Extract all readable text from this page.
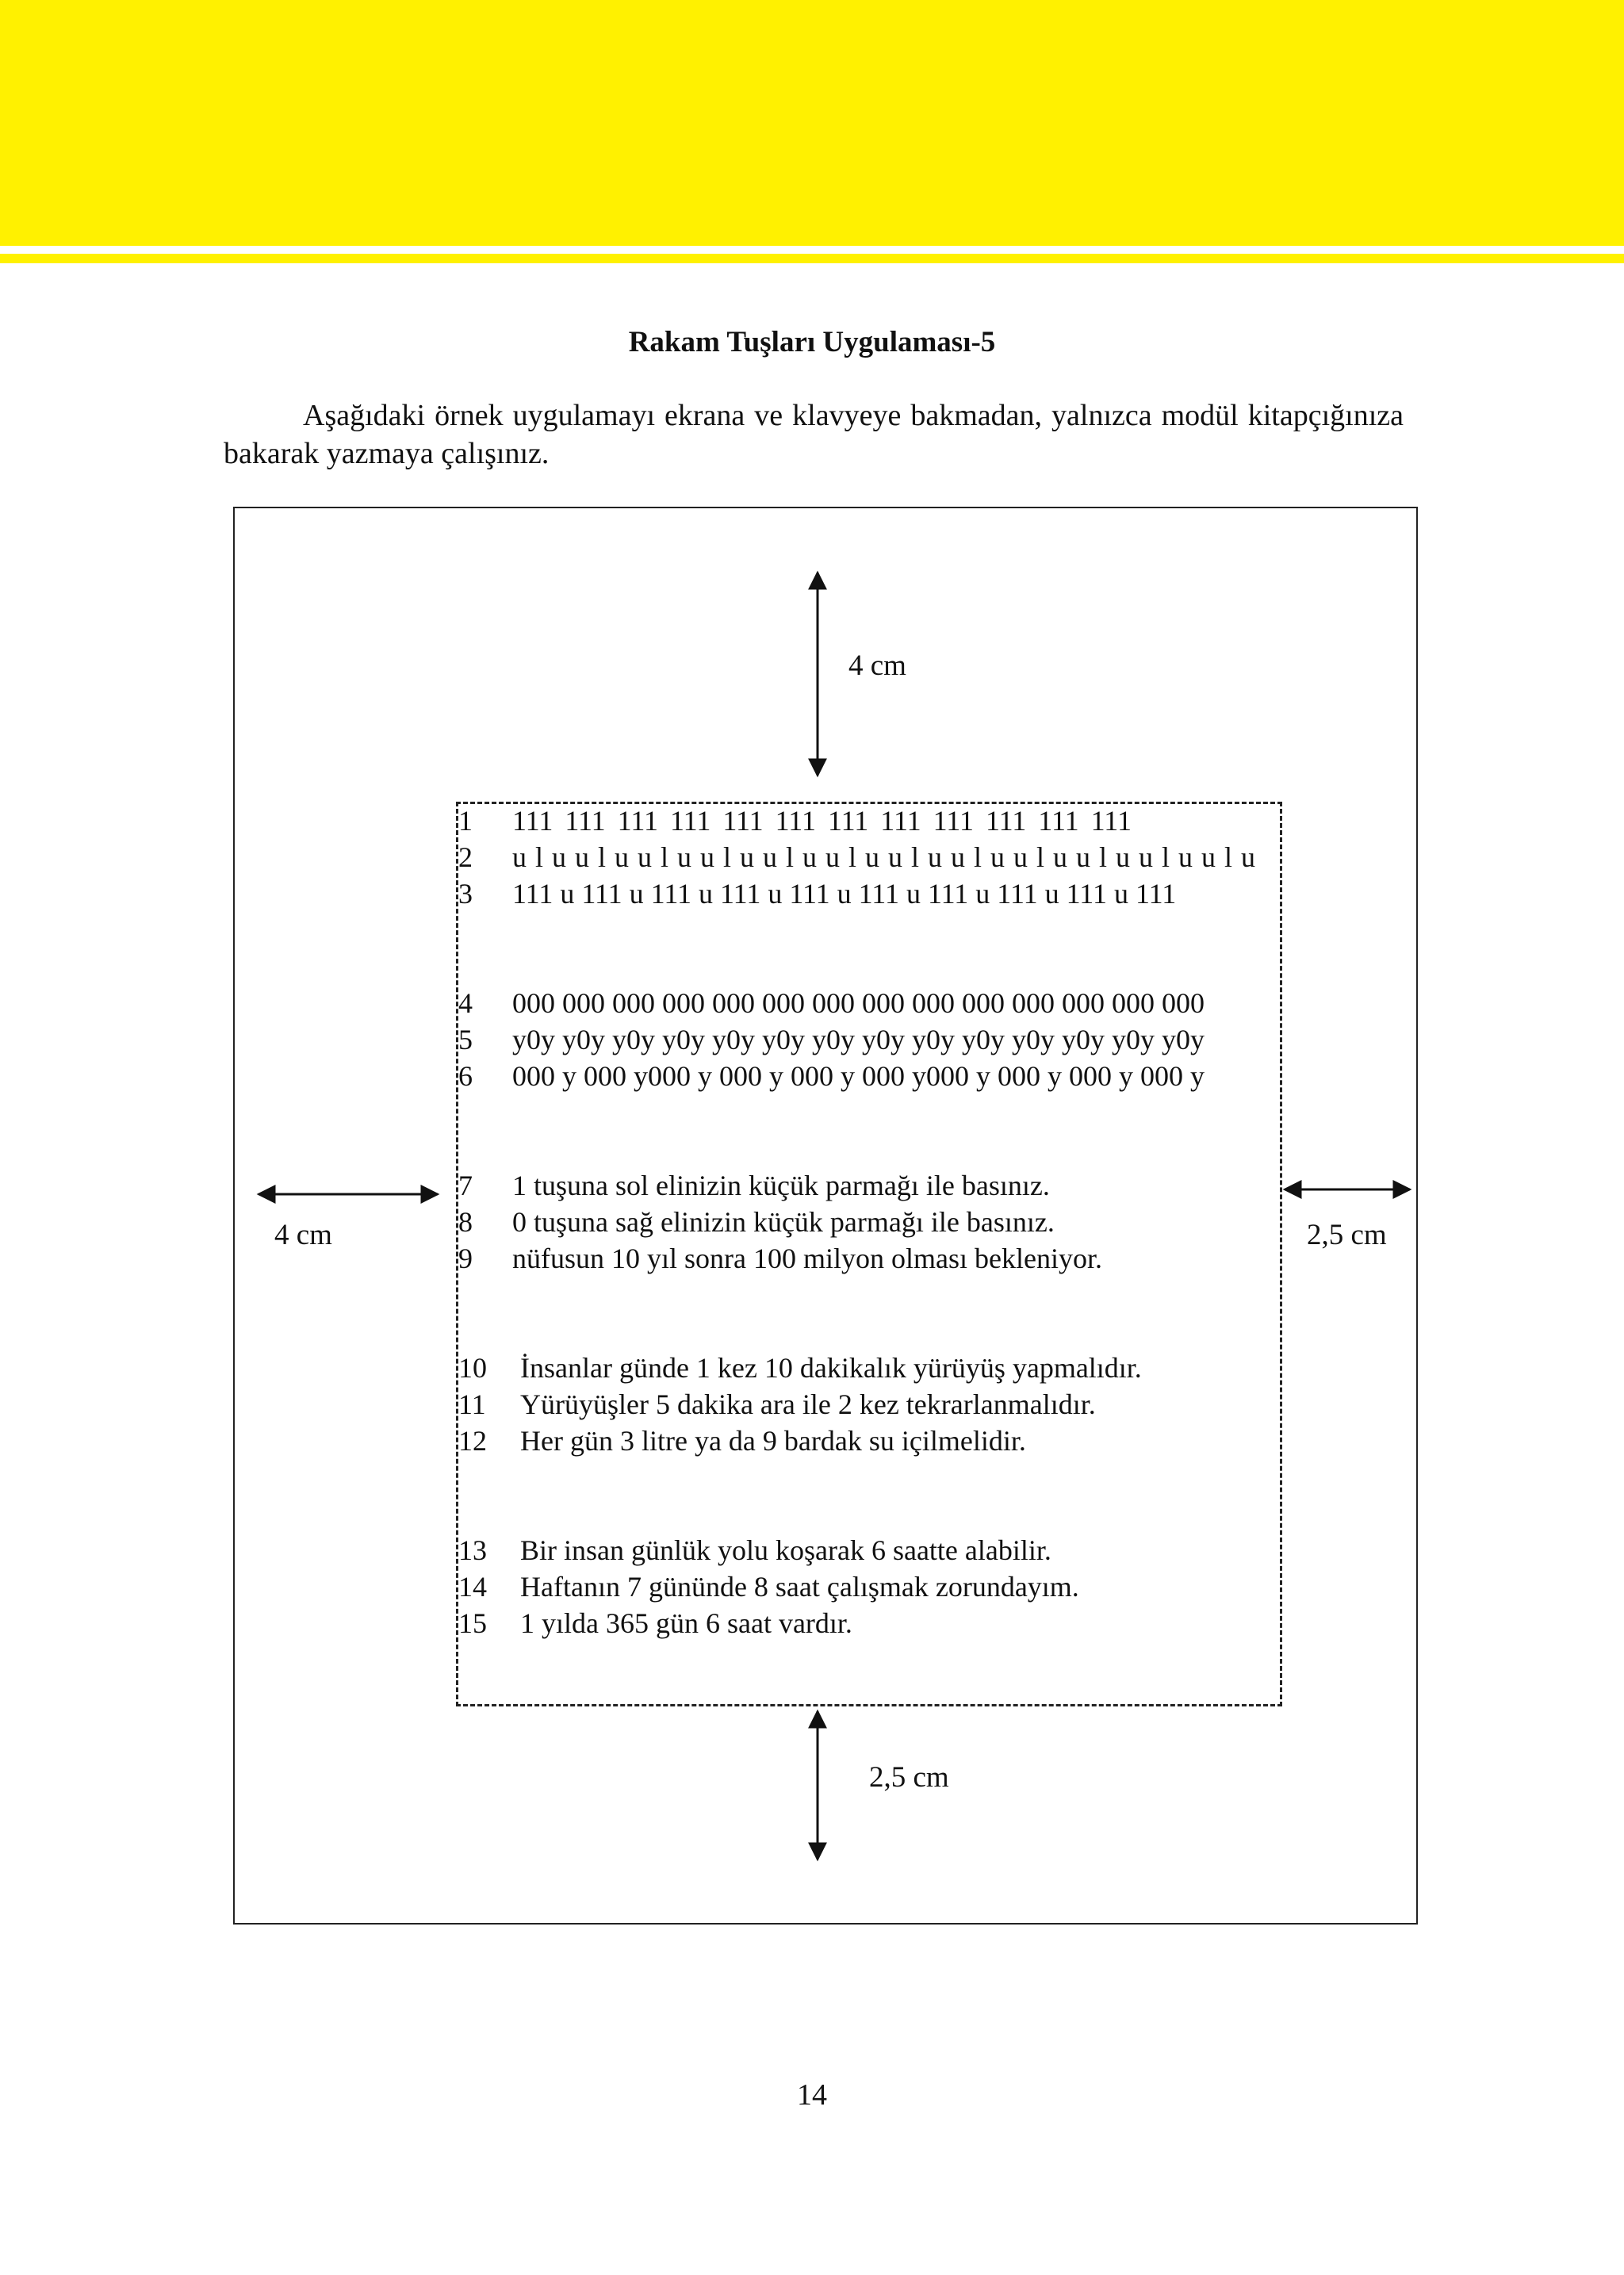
Rakam Tuşları Uygulaması-5
Aşağıdaki örnek uygulamayı ekrana ve klavyeye bakmadan, yalnızca modül kitapçığınıza bakarak yazmaya çalışınız.
4 cm
4 cm	2,5 cm
2,5 cm
1 111 111 111 111 111 111 111 111 111 111 111 111
2 u l u u l u u l u u l u u l u u l u u l u u l u u l u u l u u l u u l u
3 111 u 111 u 111 u 111 u 111 u 111 u 111 u 111 u 111 u 111
4 000 000 000 000 000 000 000 000 000 000 000 000 000 000
5 y0y y0y y0y y0y y0y y0y y0y y0y y0y y0y y0y y0y y0y y0y
6 000 y 000 y000 y 000 y 000 y 000 y000 y 000 y 000 y 000 y
7 1 tuşuna sol elinizin küçük parmağı ile basınız.
8 0 tuşuna sağ elinizin küçük parmağı ile basınız.
9 nüfusun 10 yıl sonra 100 milyon olması bekleniyor.
10 İnsanlar günde 1 kez 10 dakikalık yürüyüş yapmalıdır.
11 Yürüyüşler 5 dakika ara ile 2 kez tekrarlanmalıdır.
12 Her gün 3 litre ya da 9 bardak su içilmelidir.
13 Bir insan günlük yolu koşarak 6 saatte alabilir.
14 Haftanın 7 gününde 8 saat çalışmak zorundayım.
15 1 yılda 365 gün 6 saat vardır.
14
